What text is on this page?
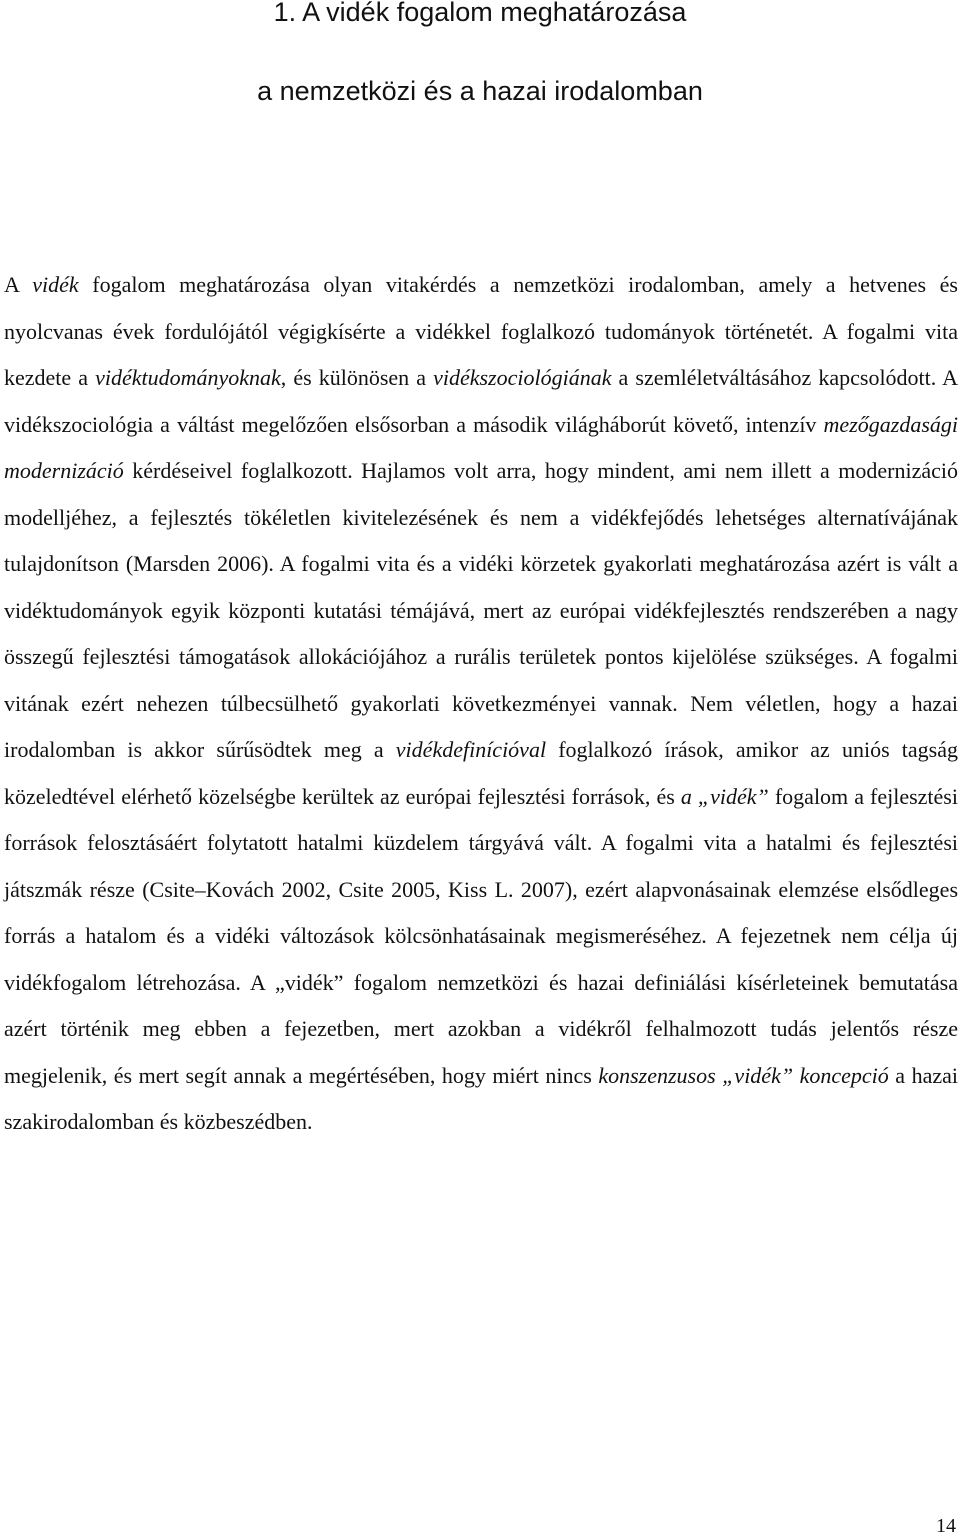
1. A vidék fogalom meghatározása
a nemzetközi és a hazai irodalomban

A vidék fogalom meghatározása olyan vitakérdés a nemzetközi irodalomban, amely a hetvenes és nyolcvanas évek fordulójától végigkísérte a vidékkel foglalkozó tudományok történetét. A fogalmi vita kezdete a vidéktudományoknak, és különösen a vidékszociológiának a szemléletváltásához kapcsolódott. A vidékszociológia a váltást megelőzően elsősorban a második világháborút követő, intenzív mezőgazdasági modernizáció kérdéseivel foglalkozott. Hajlamos volt arra, hogy mindent, ami nem illett a modernizáció modelljéhez, a fejlesztés tökéletlen kivitelezésének és nem a vidékfejődés lehetséges alternatívájának tulajdonítson (Marsden 2006). A fogalmi vita és a vidéki körzetek gyakorlati meghatározása azért is vált a vidéktudományok egyik központi kutatási témájává, mert az európai vidékfejlesztés rendszerében a nagy összegű fejlesztési támogatások allokációjához a rurális területek pontos kijelölése szükséges. A fogalmi vitának ezért nehezen túlbecsülhető gyakorlati következményei vannak. Nem véletlen, hogy a hazai irodalomban is akkor sűrűsödtek meg a vidékdefinícióval foglalkozó írások, amikor az uniós tagság közeledtével elérhető közelségbe kerültek az európai fejlesztési források, és a „vidék” fogalom a fejlesztési források felosztásáért folytatott hatalmi küzdelem tárgyává vált. A fogalmi vita a hatalmi és fejlesztési játszmák része (Csite–Kovách 2002, Csite 2005, Kiss L. 2007), ezért alapvonásainak elemzése elsődleges forrás a hatalom és a vidéki változások kölcsönhatásainak megismeréséhez. A fejezetnek nem célja új vidékfogalom létrehozása. A „vidék” fogalom nemzetközi és hazai definiálási kísérleteinek bemutatása azért történik meg ebben a fejezetben, mert azokban a vidékről felhalmozott tudás jelentős része megjelenik, és mert segít annak a megértésében, hogy miért nincs konszenzusos „vidék” koncepció a hazai szakirodalomban és közbeszédben.

14
